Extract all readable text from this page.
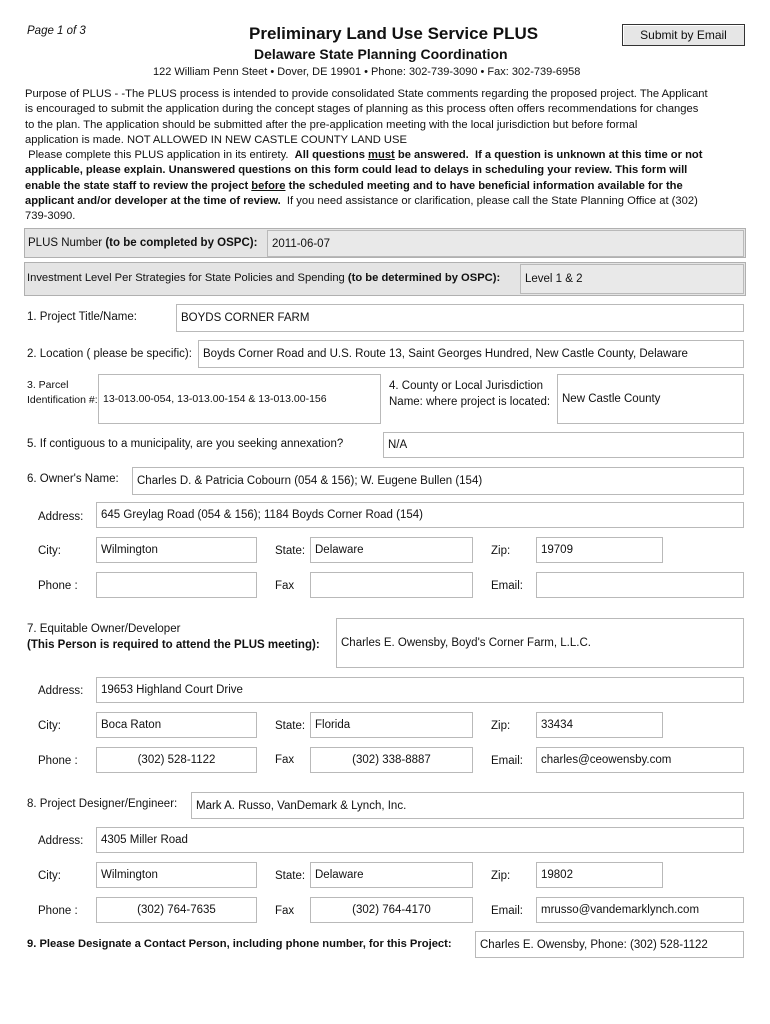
Page 1 of 3	Preliminary Land Use Service PLUS	Submit by Email
Delaware State Planning Coordination
122 William Penn Steet • Dover, DE 19901 • Phone: 302-739-3090 • Fax: 302-739-6958
Purpose of PLUS - -The PLUS process is intended to provide consolidated State comments regarding the proposed project. The Applicant
is encouraged to submit the application during the concept stages of planning as this process often offers recommendations for changes
to the plan. The application should be submitted after the pre-application meeting with the local jurisdiction but before formal
application is made. NOT ALLOWED IN NEW CASTLE COUNTY LAND USE
Please complete this PLUS application in its entirety.  All questions must be answered.  If a question is unknown at this time or not
applicable, please explain. Unanswered questions on this form could lead to delays in scheduling your review. This form will
enable the state staff to review the project before the scheduled meeting and to have beneficial information available for the
applicant and/or developer at the time of review.  If you need assistance or clarification, please call the State Planning Office at (302)
739-3090.
PLUS Number (to be completed by OSPC):	2011-06-07
Investment Level Per Strategies for State Policies and Spending (to be determined by OSPC):	Level 1 & 2
1. Project Title/Name:	BOYDS CORNER FARM
2. Location ( please be specific): Boyds Corner Road and U.S. Route 13, Saint Georges Hundred, New Castle County, Delaware
3. Parcel
Identification #: 13-013.00-054, 13-013.00-154 & 13-013.00-156
4. County or Local Jurisdiction
Name: where project is located:	New Castle County
5. If contiguous to a municipality, are you seeking annexation?	N/A
6. Owner's Name:	Charles D. & Patricia Cobourn (054 & 156); W. Eugene Bullen (154)
Address:	645 Greylag Road (054 & 156); 1184 Boyds Corner Road (154)
City:	Wilmington	State: Delaware	Zip:	19709
Phone :	Fax	Email:
7. Equitable Owner/Developer
(This Person is required to attend the PLUS meeting):	Charles E. Owensby, Boyd's Corner Farm, L.L.C.
Address:	19653 Highland Court Drive
City:	Boca Raton	State: Florida	Zip:	33434
Phone :	(302) 528-1122	Fax	(302) 338-8887	Email:	charles@ceowensby.com
8. Project Designer/Engineer:	Mark A. Russo, VanDemark & Lynch, Inc.
Address:	4305 Miller Road
City:	Wilmington	State: Delaware	Zip:	19802
Phone :	(302) 764-7635	Fax	(302) 764-4170	Email:	mrusso@vandemarklynch.com
9. Please Designate a Contact Person, including phone number, for this Project:	Charles E. Owensby, Phone: (302) 528-1122
